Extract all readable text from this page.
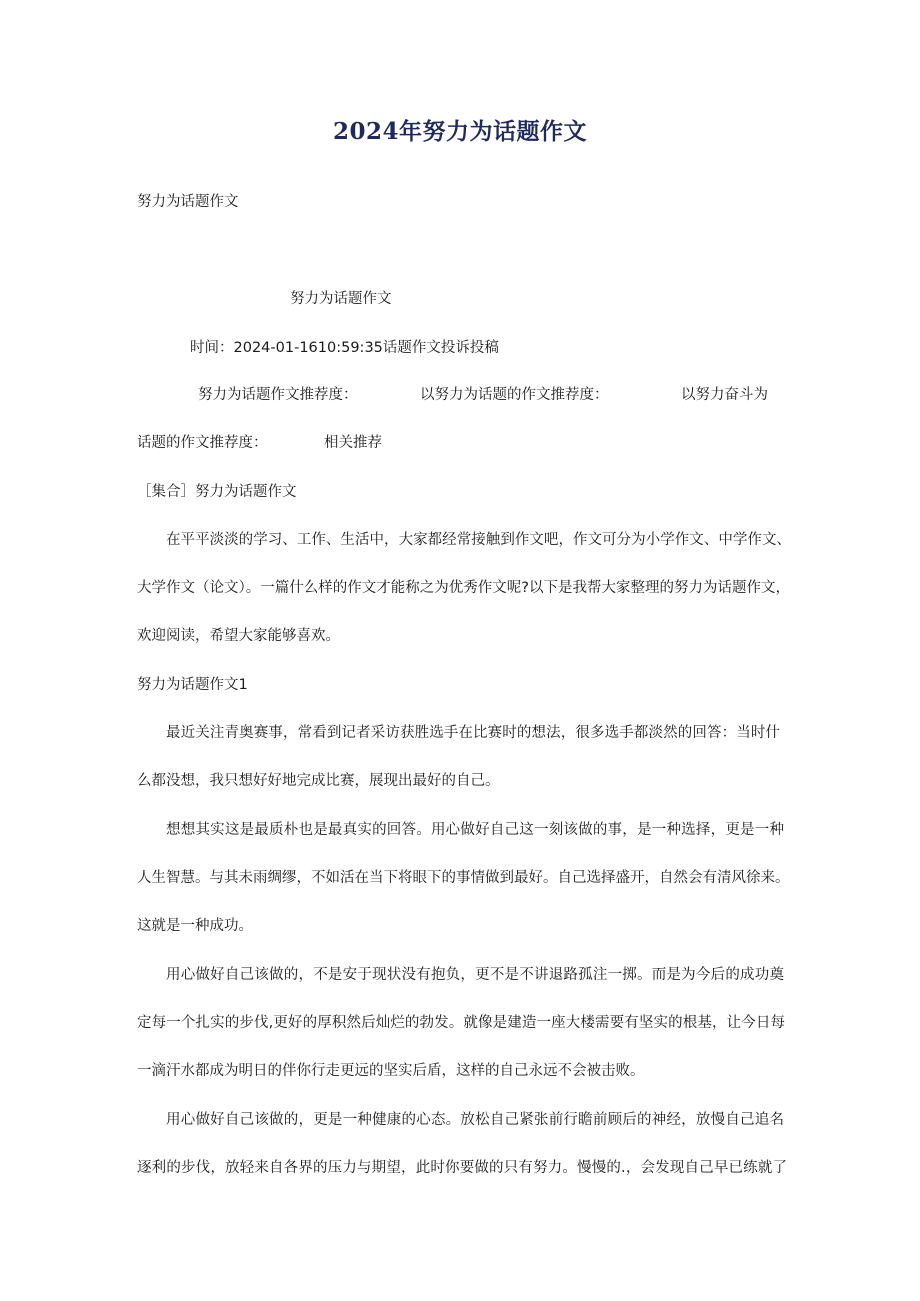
2024年努力为话题作文
努力为话题作文
努力为话题作文
时间：2024-01-1610:59:35话题作文投诉投稿
努力为话题作文推荐度：	以努力为话题的作文推荐度：	以努力奋斗为
话题的作文推荐度：	相关推荐
［集合］努力为话题作文
在平平淡淡的学习、工作、生活中，大家都经常接触到作文吧，作文可分为小学作文、中学作文、
大学作文（论文）。一篇什么样的作文才能称之为优秀作文呢?以下是我帮大家整理的努力为话题作文，
欢迎阅读，希望大家能够喜欢。
努力为话题作文1
最近关注青奥赛事，常看到记者采访获胜选手在比赛时的想法，很多选手都淡然的回答：当时什
么都没想，我只想好好地完成比赛，展现出最好的自己。
想想其实这是最质朴也是最真实的回答。用心做好自己这一刻该做的事，是一种选择，更是一种
人生智慧。与其未雨绸缪，不如活在当下将眼下的事情做到最好。自己选择盛开，自然会有清风徐来。
这就是一种成功。
用心做好自己该做的，不是安于现状没有抱负，更不是不讲退路孤注一掷。而是为今后的成功奠
定每一个扎实的步伐,更好的厚积然后灿烂的勃发。就像是建造一座大楼需要有坚实的根基，让今日每
一滴汗水都成为明日的伴你行走更远的坚实后盾，这样的自己永远不会被击败。
用心做好自己该做的，更是一种健康的心态。放松自己紧张前行瞻前顾后的神经，放慢自己追名
逐利的步伐，放轻来自各界的压力与期望，此时你要做的只有努力。慢慢的.，会发现自己早已练就了
